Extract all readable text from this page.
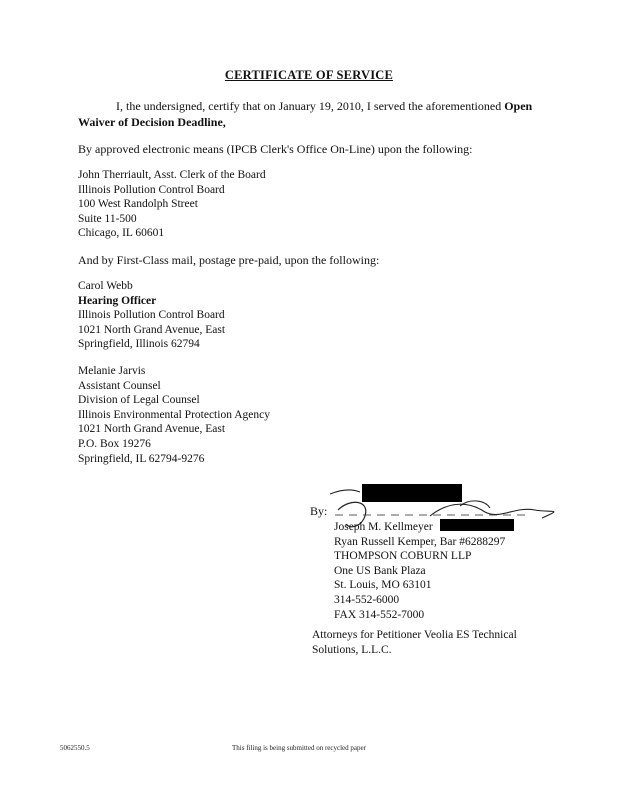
CERTIFICATE OF SERVICE
I, the undersigned, certify that on January 19, 2010, I served the aforementioned Open Waiver of Decision Deadline,
By approved electronic means (IPCB Clerk's Office On-Line) upon the following:
John Therriault, Asst. Clerk of the Board
Illinois Pollution Control Board
100 West Randolph Street
Suite 11-500
Chicago, IL 60601
And by First-Class mail, postage pre-paid, upon the following:
Carol Webb
Hearing Officer
Illinois Pollution Control Board
1021 North Grand Avenue, East
Springfield, Illinois 62794
Melanie Jarvis
Assistant Counsel
Division of Legal Counsel
Illinois Environmental Protection Agency
1021 North Grand Avenue, East
P.O. Box 19276
Springfield, IL 62794-9276
By:
Joseph M. Kellmeyer
Ryan Russell Kemper, Bar #6288297
THOMPSON COBURN LLP
One US Bank Plaza
St. Louis, MO 63101
314-552-6000
FAX 314-552-7000
Attorneys for Petitioner Veolia ES Technical
Solutions, L.L.C.
5062550.5	This filing is being submitted on recycled paper
